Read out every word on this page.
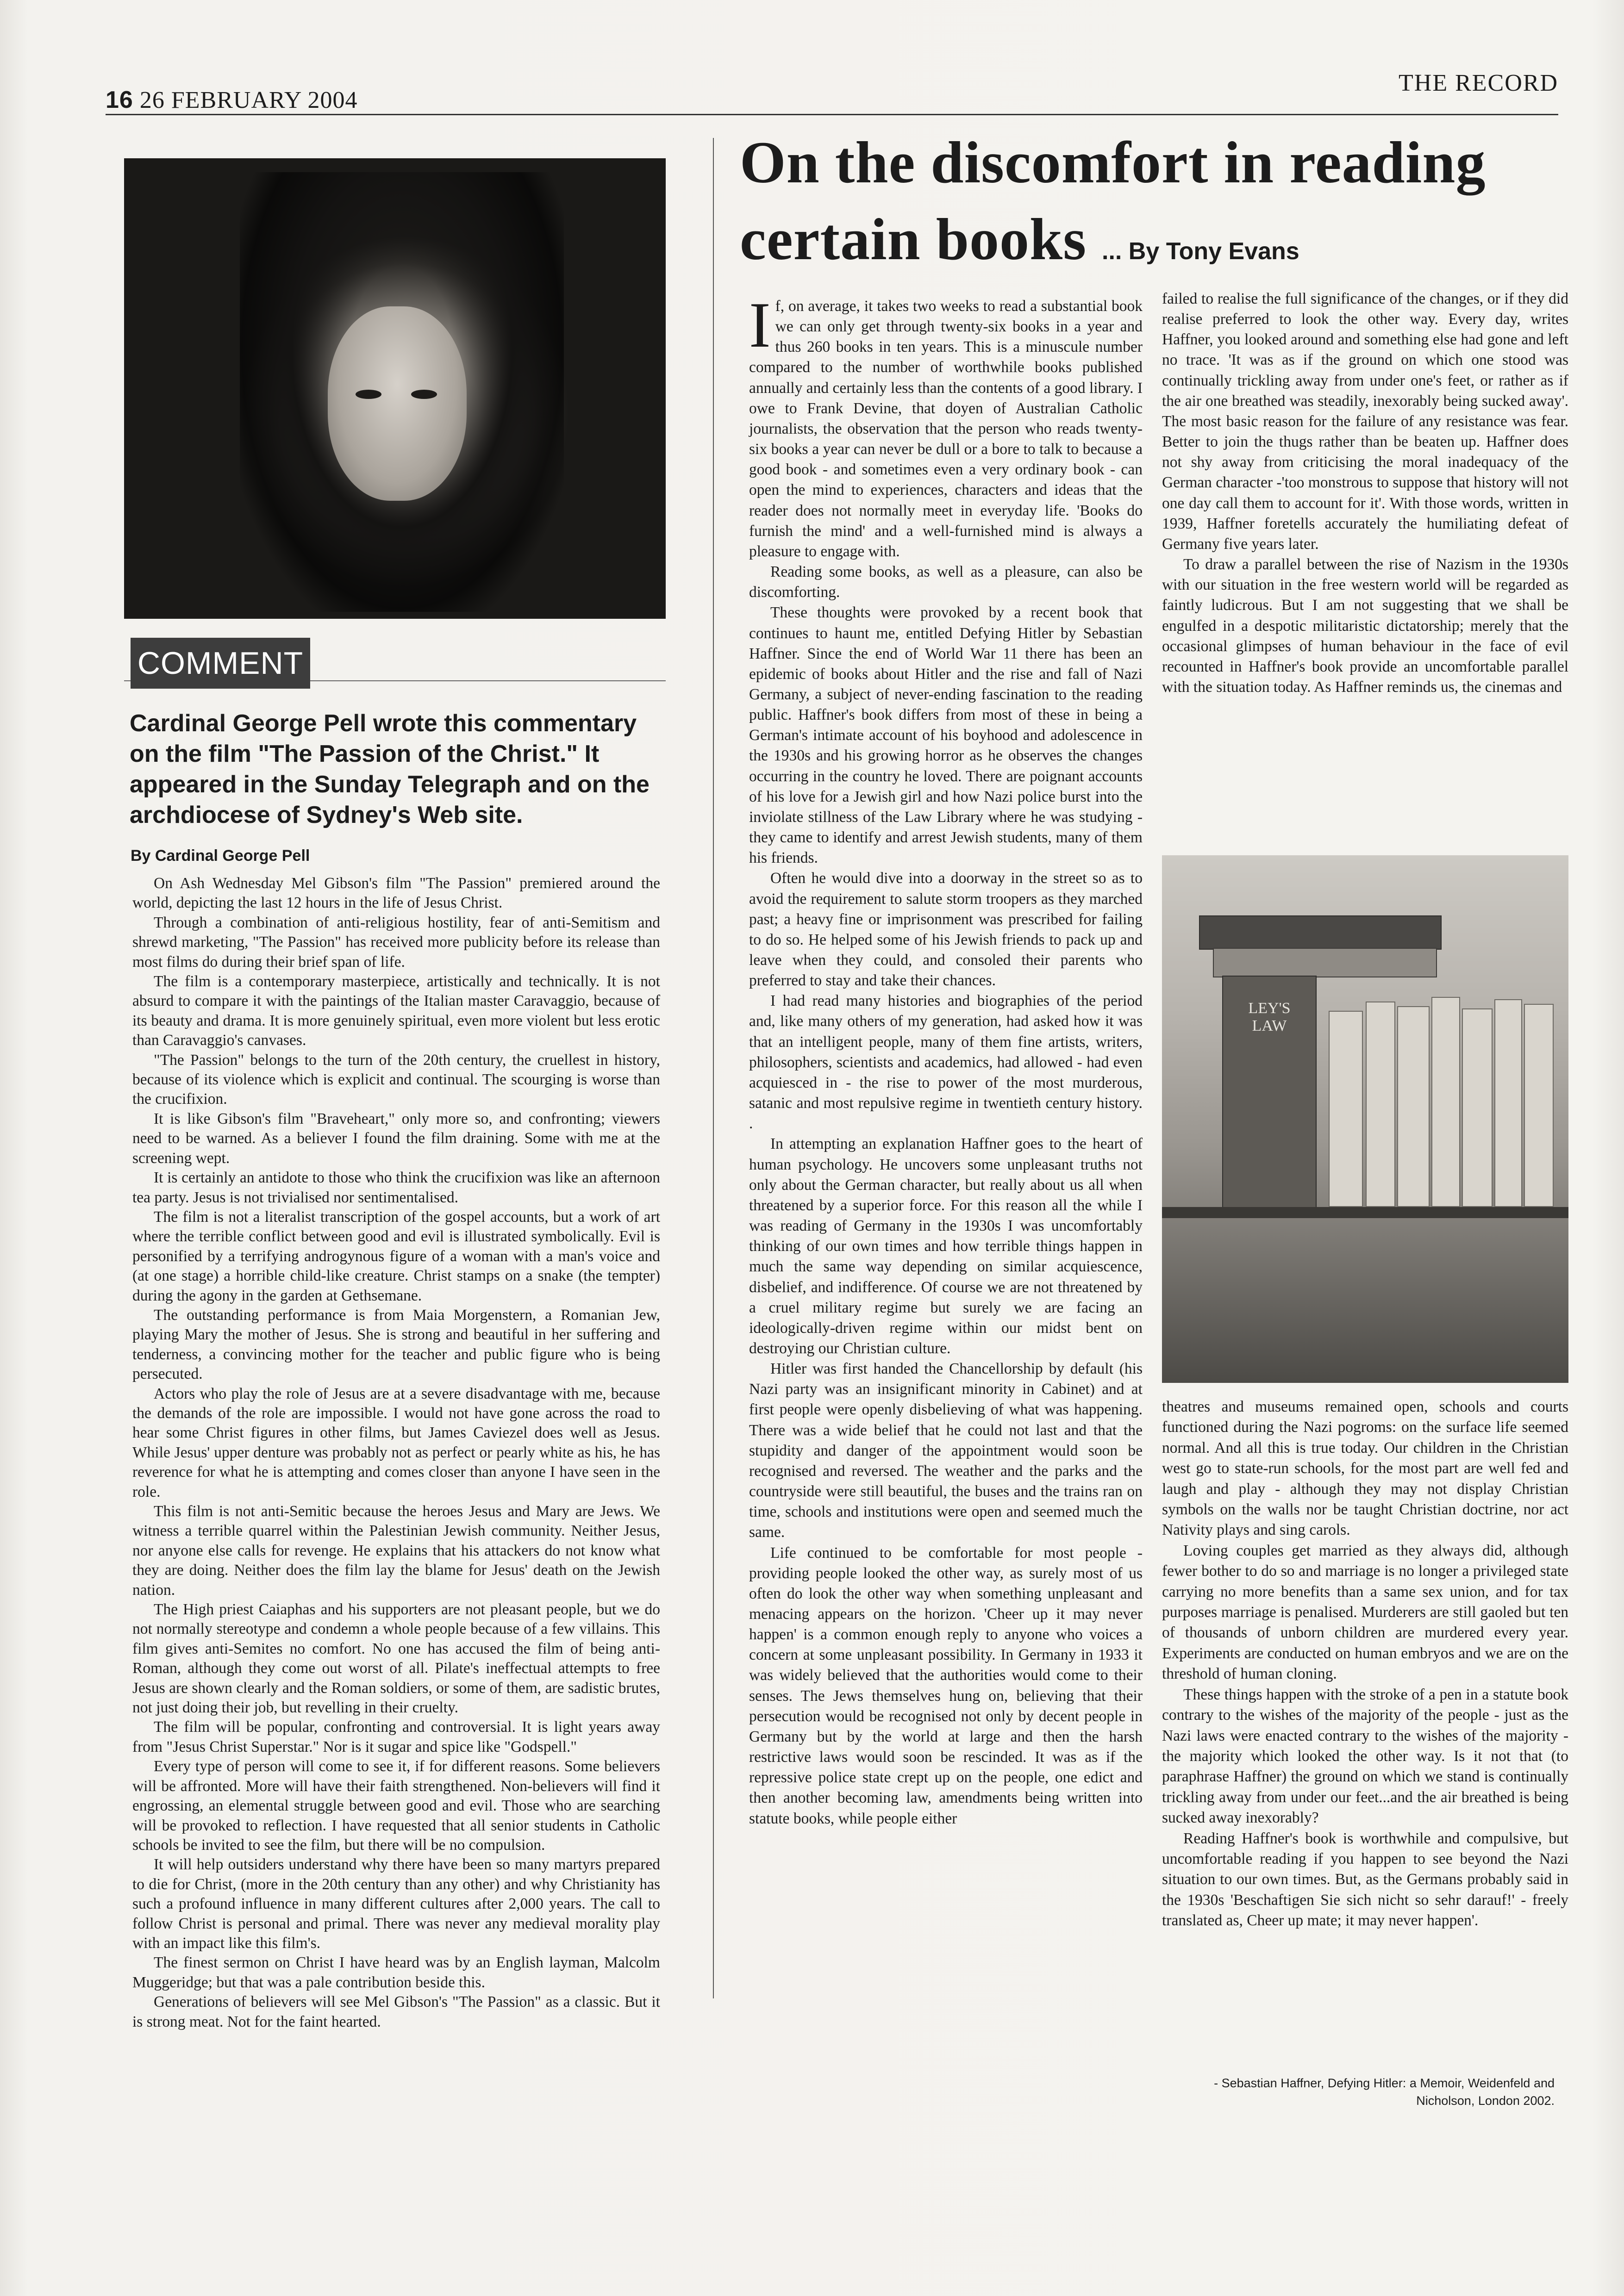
16 26 FEBRUARY 2004
THE RECORD
COMMENT
Cardinal George Pell wrote this commentary on the film "The Passion of the Christ." It appeared in the Sunday Telegraph and on the archdiocese of Sydney's Web site.
By Cardinal George Pell

On Ash Wednesday Mel Gibson's film "The Passion" premiered around the world, depicting the last 12 hours in the life of Jesus Christ.

Through a combination of anti-religious hostility, fear of anti-Semitism and shrewd marketing, "The Passion" has received more publicity before its release than most films do during their brief span of life.

The film is a contemporary masterpiece, artistically and technically. It is not absurd to compare it with the paintings of the Italian master Caravaggio, because of its beauty and drama. It is more genuinely spiritual, even more violent but less erotic than Caravaggio's canvases.

"The Passion" belongs to the turn of the 20th century, the cruellest in history, because of its violence which is explicit and continual. The scourging is worse than the crucifixion.

It is like Gibson's film "Braveheart," only more so, and confronting; viewers need to be warned. As a believer I found the film draining. Some with me at the screening wept.

It is certainly an antidote to those who think the crucifixion was like an afternoon tea party. Jesus is not trivialised nor sentimentalised.

The film is not a literalist transcription of the gospel accounts, but a work of art where the terrible conflict between good and evil is illustrated symbolically. Evil is personified by a terrifying androgynous figure of a woman with a man's voice and (at one stage) a horrible child-like creature. Christ stamps on a snake (the tempter) during the agony in the garden at Gethsemane.

The outstanding performance is from Maia Morgenstern, a Romanian Jew, playing Mary the mother of Jesus. She is strong and beautiful in her suffering and tenderness, a convincing mother for the teacher and public figure who is being persecuted.

Actors who play the role of Jesus are at a severe disadvantage with me, because the demands of the role are impossible. I would not have gone across the road to hear some Christ figures in other films, but James Caviezel does well as Jesus. While Jesus' upper denture was probably not as perfect or pearly white as his, he has reverence for what he is attempting and comes closer than anyone I have seen in the role.

This film is not anti-Semitic because the heroes Jesus and Mary are Jews. We witness a terrible quarrel within the Palestinian Jewish community. Neither Jesus, nor anyone else calls for revenge. He explains that his attackers do not know what they are doing. Neither does the film lay the blame for Jesus' death on the Jewish nation.

The High priest Caiaphas and his supporters are not pleasant people, but we do not normally stereotype and condemn a whole people because of a few villains. This film gives anti-Semites no comfort. No one has accused the film of being anti-Roman, although they come out worst of all. Pilate's ineffectual attempts to free Jesus are shown clearly and the Roman soldiers, or some of them, are sadistic brutes, not just doing their job, but revelling in their cruelty.

The film will be popular, confronting and controversial. It is light years away from "Jesus Christ Superstar." Nor is it sugar and spice like "Godspell."

Every type of person will come to see it, if for different reasons. Some believers will be affronted. More will have their faith strengthened. Non-believers will find it engrossing, an elemental struggle between good and evil. Those who are searching will be provoked to reflection. I have requested that all senior students in Catholic schools be invited to see the film, but there will be no compulsion.

It will help outsiders understand why there have been so many martyrs prepared to die for Christ, (more in the 20th century than any other) and why Christianity has such a profound influence in many different cultures after 2,000 years. The call to follow Christ is personal and primal. There was never any medieval morality play with an impact like this film's.

The finest sermon on Christ I have heard was by an English layman, Malcolm Muggeridge; but that was a pale contribution beside this.

Generations of believers will see Mel Gibson's "The Passion" as a classic. But it is strong meat. Not for the faint hearted.

On the discomfort in reading certain books ... By Tony Evans

If, on average, it takes two weeks to read a substantial book we can only get through twenty-six books in a year and thus 260 books in ten years. This is a minuscule number compared to the number of worthwhile books published annually and certainly less than the contents of a good library. I owe to Frank Devine, that doyen of Australian Catholic journalists, the observation that the person who reads twenty-six books a year can never be dull or a bore to talk to because a good book - and sometimes even a very ordinary book - can open the mind to experiences, characters and ideas that the reader does not normally meet in everyday life. 'Books do furnish the mind' and a well-furnished mind is always a pleasure to engage with.

Reading some books, as well as a pleasure, can also be discomforting.

These thoughts were provoked by a recent book that continues to haunt me, entitled Defying Hitler by Sebastian Haffner. Since the end of World War 11 there has been an epidemic of books about Hitler and the rise and fall of Nazi Germany, a subject of never-ending fascination to the reading public. Haffner's book differs from most of these in being a German's intimate account of his boyhood and adolescence in the 1930s and his growing horror as he observes the changes occurring in the country he loved. There are poignant accounts of his love for a Jewish girl and how Nazi police burst into the inviolate stillness of the Law Library where he was studying - they came to identify and arrest Jewish students, many of them his friends.

Often he would dive into a doorway in the street so as to avoid the requirement to salute storm troopers as they marched past; a heavy fine or imprisonment was prescribed for failing to do so. He helped some of his Jewish friends to pack up and leave when they could, and consoled their parents who preferred to stay and take their chances.

I had read many histories and biographies of the period and, like many others of my generation, had asked how it was that an intelligent people, many of them fine artists, writers, philosophers, scientists and academics, had allowed - had even acquiesced in - the rise to power of the most murderous, satanic and most repulsive regime in twentieth century history. .

In attempting an explanation Haffner goes to the heart of human psychology. He uncovers some unpleasant truths not only about the German character, but really about us all when threatened by a superior force. For this reason all the while I was reading of Germany in the 1930s I was uncomfortably thinking of our own times and how terrible things happen in much the same way depending on similar acquiescence, disbelief, and indifference. Of course we are not threatened by a cruel military regime but surely we are facing an ideologically-driven regime within our midst bent on destroying our Christian culture.

Hitler was first handed the Chancellorship by default (his Nazi party was an insignificant minority in Cabinet) and at first people were openly disbelieving of what was happening. There was a wide belief that he could not last and that the stupidity and danger of the appointment would soon be recognised and reversed. The weather and the parks and the countryside were still beautiful, the buses and the trains ran on time, schools and institutions were open and seemed much the same.

Life continued to be comfortable for most people - providing people looked the other way, as surely most of us often do look the other way when something unpleasant and menacing appears on the horizon. 'Cheer up it may never happen' is a common enough reply to anyone who voices a concern at some unpleasant possibility. In Germany in 1933 it was widely believed that the authorities would come to their senses. The Jews themselves hung on, believing that their persecution would be recognised not only by decent people in Germany but by the world at large and then the harsh restrictive laws would soon be rescinded. It was as if the repressive police state crept up on the people, one edict and then another becoming law, amendments being written into statute books, while people either

failed to realise the full significance of the changes, or if they did realise preferred to look the other way. Every day, writes Haffner, you looked around and something else had gone and left no trace. 'It was as if the ground on which one stood was continually trickling away from under one's feet, or rather as if the air one breathed was steadily, inexorably being sucked away'. The most basic reason for the failure of any resistance was fear. Better to join the thugs rather than be beaten up. Haffner does not shy away from criticising the moral inadequacy of the German character -'too monstrous to suppose that history will not one day call them to account for it'. With those words, written in 1939, Haffner foretells accurately the humiliating defeat of Germany five years later.

To draw a parallel between the rise of Nazism in the 1930s with our situation in the free western world will be regarded as faintly ludicrous. But I am not suggesting that we shall be engulfed in a despotic militaristic dictatorship; merely that the occasional glimpses of human behaviour in the face of evil recounted in Haffner's book provide an uncomfortable parallel with the situation today. As Haffner reminds us, the cinemas and

LEY'S LAW

theatres and museums remained open, schools and courts functioned during the Nazi pogroms: on the surface life seemed normal. And all this is true today. Our children in the Christian west go to state-run schools, for the most part are well fed and laugh and play - although they may not display Christian symbols on the walls nor be taught Christian doctrine, nor act Nativity plays and sing carols.

Loving couples get married as they always did, although fewer bother to do so and marriage is no longer a privileged state carrying no more benefits than a same sex union, and for tax purposes marriage is penalised. Murderers are still gaoled but ten of thousands of unborn children are murdered every year. Experiments are conducted on human embryos and we are on the threshold of human cloning.

These things happen with the stroke of a pen in a statute book contrary to the wishes of the majority of the people - just as the Nazi laws were enacted contrary to the wishes of the majority - the majority which looked the other way. Is it not that (to paraphrase Haffner) the ground on which we stand is continually trickling away from under our feet...and the air breathed is being sucked away inexorably?

Reading Haffner's book is worthwhile and compulsive, but uncomfortable reading if you happen to see beyond the Nazi situation to our own times. But, as the Germans probably said in the 1930s 'Beschaftigen Sie sich nicht so sehr darauf!' - freely translated as, Cheer up mate; it may never happen'.

- Sebastian Haffner, Defying Hitler: a Memoir, Weidenfeld and Nicholson, London 2002.
